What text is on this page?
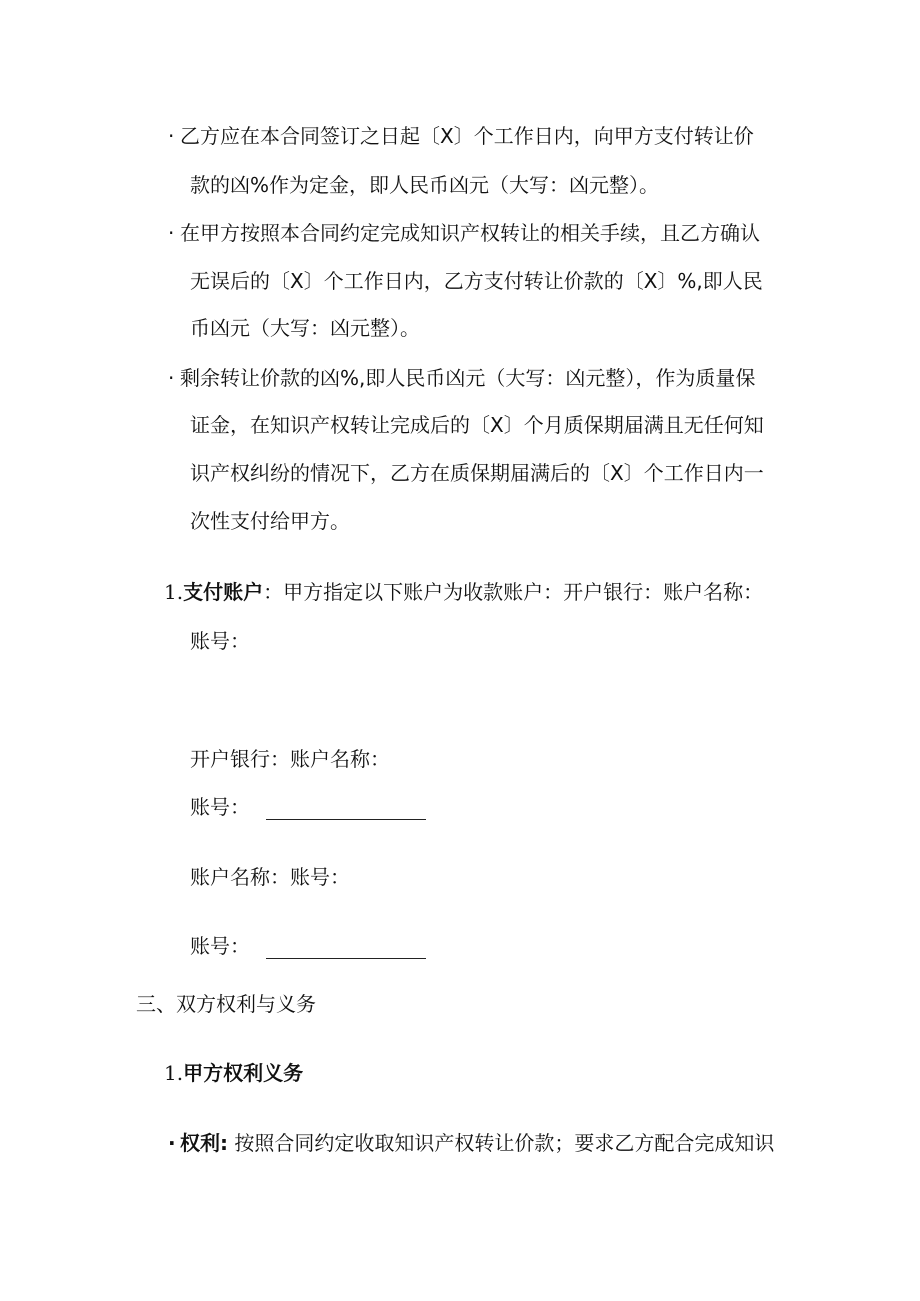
· 乙方应在本合同签订之日起〔X〕个工作日内，向甲方支付转让价
款的凶%作为定金，即人民币凶元（大写：凶元整）。
· 在甲方按照本合同约定完成知识产权转让的相关手续，且乙方确认
无误后的〔X〕个工作日内，乙方支付转让价款的〔X〕%,即人民
币凶元（大写：凶元整）。
· 剩余转让价款的凶%,即人民币凶元（大写：凶元整），作为质量保
证金，在知识产权转让完成后的〔X〕个月质保期届满且无任何知
识产权纠纷的情况下，乙方在质保期届满后的〔X〕个工作日内一
次性支付给甲方。
1.支付账户：甲方指定以下账户为收款账户：开户银行：账户名称：
账号：
开户银行：账户名称：
账号：
账户名称：账号：
账号：
三、双方权利与义务
1.甲方权利义务
· 权利: 按照合同约定收取知识产权转让价款；要求乙方配合完成知识
